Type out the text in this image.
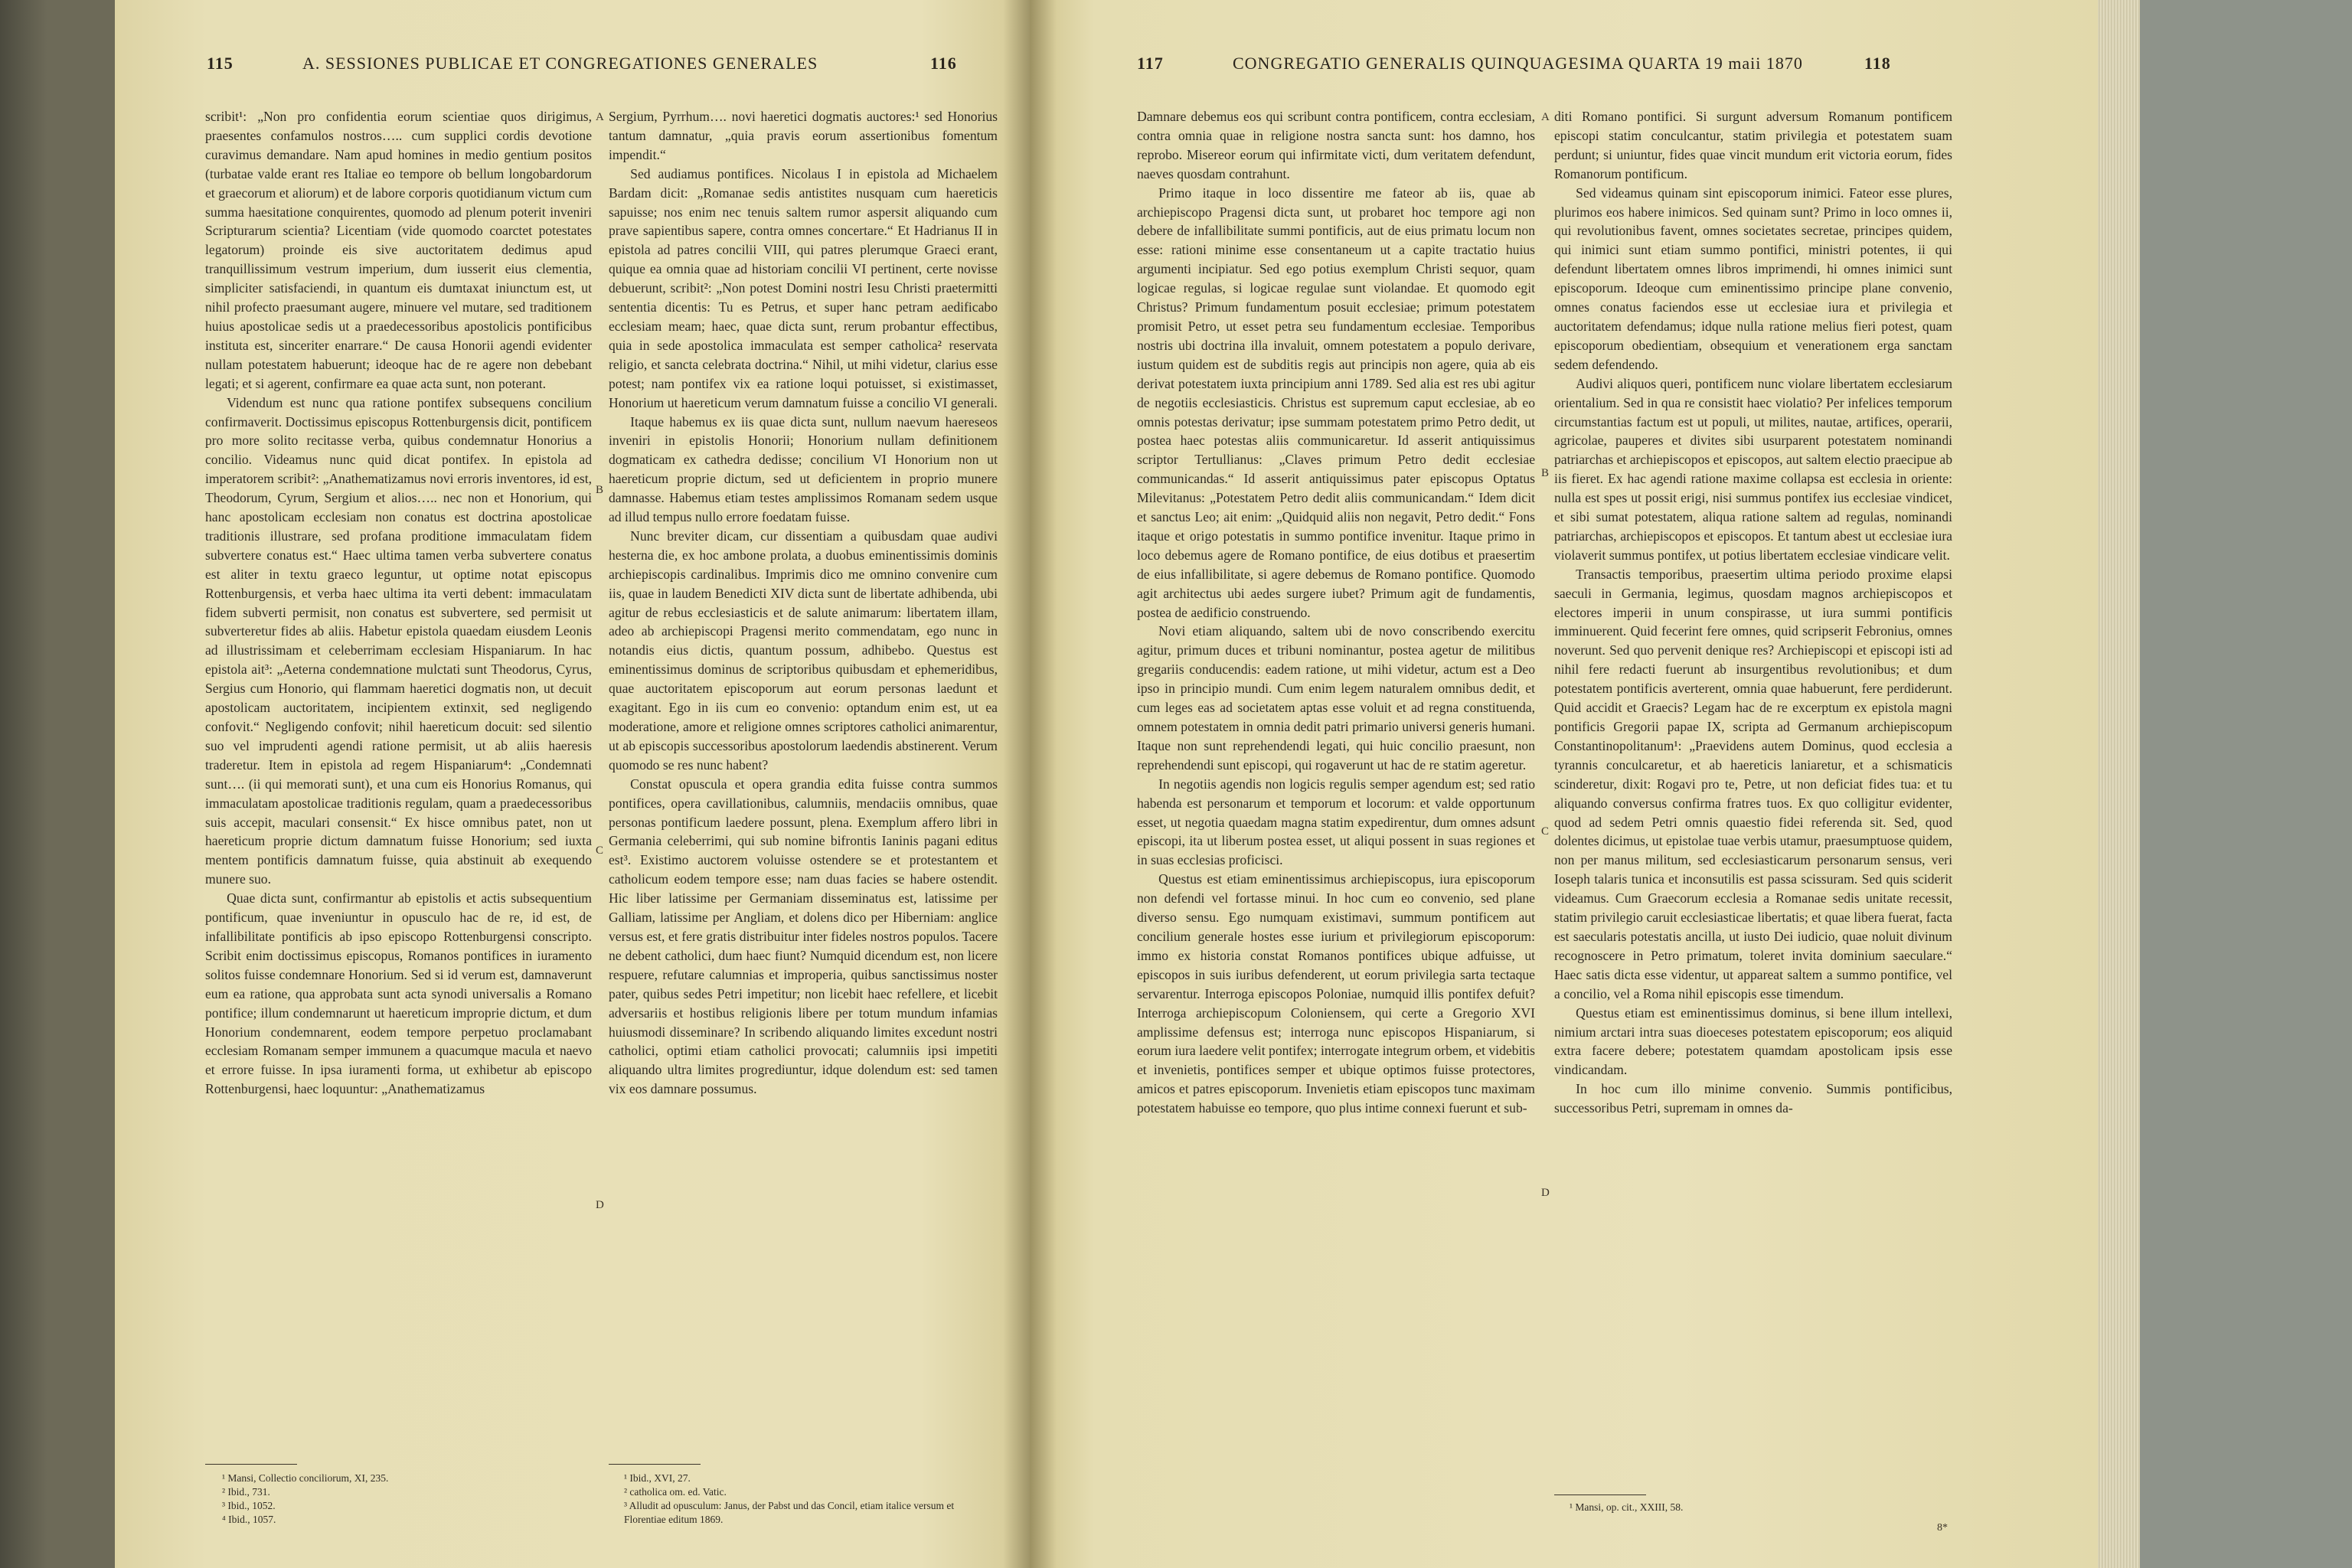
115	A. SESSIONES PUBLICAE ET CONGREGATIONES GENERALES	116

scribit¹: „Non pro confidentia eorum scientiae quos dirigimus, praesentes confamulos nostros….. cum supplici cordis devotione curavimus demandare. Nam apud homines in medio gentium positos (turbatae valde erant res Italiae eo tempore ob bellum longobardorum et graecorum et aliorum) et de labore corporis quotidianum victum cum summa haesitatione conquirentes, quomodo ad plenum poterit inveniri Scripturarum scientia? Licentiam (vide quomodo coarctet potestates legatorum) proinde eis sive auctoritatem dedimus apud tranquillissimum vestrum imperium, dum iusserit eius clementia, simpliciter satisfaciendi, in quantum eis dumtaxat iniunctum est, ut nihil profecto praesumant augere, minuere vel mutare, sed traditionem huius apostolicae sedis ut a praedecessoribus apostolicis pontificibus instituta est, sinceriter enarrare.“ De causa Honorii agendi evidenter nullam potestatem habuerunt; ideoque hac de re agere non debebant legati; et si agerent, confirmare ea quae acta sunt, non poterant.

Videndum est nunc qua ratione pontifex subsequens concilium confirmaverit. Doctissimus episcopus Rottenburgensis dicit, pontificem pro more solito recitasse verba, quibus condemnatur Honorius a concilio. Videamus nunc quid dicat pontifex. In epistola ad imperatorem scribit²: „Anathematizamus novi erroris inventores, id est, Theodorum, Cyrum, Sergium et alios….. nec non et Honorium, qui hanc apostolicam ecclesiam non conatus est doctrina apostolicae traditionis illustrare, sed profana proditione immaculatam fidem subvertere conatus est.“ Haec ultima tamen verba subvertere conatus est aliter in textu graeco leguntur, ut optime notat episcopus Rottenburgensis, et verba haec ultima ita verti debent: immaculatam fidem subverti permisit, non conatus est subvertere, sed permisit ut subverteretur fides ab aliis. Habetur epistola quaedam eiusdem Leonis ad illustrissimam et celeberrimam ecclesiam Hispaniarum. In hac epistola ait³: „Aeterna condemnatione mulctati sunt Theodorus, Cyrus, Sergius cum Honorio, qui flammam haeretici dogmatis non, ut decuit apostolicam auctoritatem, incipientem extinxit, sed negligendo confovit.“ Negligendo confovit; nihil haereticum docuit: sed silentio suo vel imprudenti agendi ratione permisit, ut ab aliis haeresis traderetur. Item in epistola ad regem Hispaniarum⁴: „Condemnati sunt…. (ii qui memorati sunt), et una cum eis Honorius Romanus, qui immaculatam apostolicae traditionis regulam, quam a praedecessoribus suis accepit, maculari consensit.“ Ex hisce omnibus patet, non ut haereticum proprie dictum damnatum fuisse Honorium; sed iuxta mentem pontificis damnatum fuisse, quia abstinuit ab exequendo munere suo.

Quae dicta sunt, confirmantur ab epistolis et actis subsequentium pontificum, quae inveniuntur in opusculo hac de re, id est, de infallibilitate pontificis ab ipso episcopo Rottenburgensi conscripto. Scribit enim doctissimus episcopus, Romanos pontifices in iuramento solitos fuisse condemnare Honorium. Sed si id verum est, damnaverunt eum ea ratione, qua approbata sunt acta synodi universalis a Romano pontifice; illum condemnarunt ut haereticum improprie dictum, et dum Honorium condemnarent, eodem tempore perpetuo proclamabant ecclesiam Romanam semper immunem a quacumque macula et naevo et errore fuisse. In ipsa iuramenti forma, ut exhibetur ab episcopo Rottenburgensi, haec loquuntur: „Anathematizamus

¹ Mansi, Collectio conciliorum, XI, 235.
² Ibid., 731.
³ Ibid., 1052.
⁴ Ibid., 1057.

Sergium, Pyrrhum…. novi haeretici dogmatis auctores:¹ sed Honorius tantum damnatur, „quia pravis eorum assertionibus fomentum impendit.“

Sed audiamus pontifices. Nicolaus I in epistola ad Michaelem Bardam dicit: „Romanae sedis antistites nusquam cum haereticis sapuisse; nos enim nec tenuis saltem rumor aspersit aliquando cum prave sapientibus sapere, contra omnes concertare.“ Et Hadrianus II in epistola ad patres concilii VIII, qui patres plerumque Graeci erant, quique ea omnia quae ad historiam concilii VI pertinent, certe novisse debuerunt, scribit²: „Non potest Domini nostri Iesu Christi praetermitti sententia dicentis: Tu es Petrus, et super hanc petram aedificabo ecclesiam meam; haec, quae dicta sunt, rerum probantur effectibus, quia in sede apostolica immaculata est semper catholica² reservata religio, et sancta celebrata doctrina.“ Nihil, ut mihi videtur, clarius esse potest; nam pontifex vix ea ratione loqui potuisset, si existimasset, Honorium ut haereticum verum damnatum fuisse a concilio VI generali.

Itaque habemus ex iis quae dicta sunt, nullum naevum haereseos inveniri in epistolis Honorii; Honorium nullam definitionem dogmaticam ex cathedra dedisse; concilium VI Honorium non ut haereticum proprie dictum, sed ut deficientem in proprio munere damnasse. Habemus etiam testes amplissimos Romanam sedem usque ad illud tempus nullo errore foedatam fuisse.

Nunc breviter dicam, cur dissentiam a quibusdam quae audivi hesterna die, ex hoc ambone prolata, a duobus eminentissimis dominis archiepiscopis cardinalibus. Imprimis dico me omnino convenire cum iis, quae in laudem Benedicti XIV dicta sunt de libertate adhibenda, ubi agitur de rebus ecclesiasticis et de salute animarum: libertatem illam, adeo ab archiepiscopi Pragensi merito commendatam, ego nunc in notandis eius dictis, quantum possum, adhibebo. Questus est eminentissimus dominus de scriptoribus quibusdam et ephemeridibus, quae auctoritatem episcoporum aut eorum personas laedunt et exagitant. Ego in iis cum eo convenio: optandum enim est, ut ea moderatione, amore et religione omnes scriptores catholici animarentur, ut ab episcopis successoribus apostolorum laedendis abstinerent. Verum quomodo se res nunc habent?

Constat opuscula et opera grandia edita fuisse contra summos pontifices, opera cavillationibus, calumniis, mendaciis omnibus, quae personas pontificum laedere possunt, plena. Exemplum affero libri in Germania celeberrimi, qui sub nomine bifrontis Ianinis pagani editus est³. Existimo auctorem voluisse ostendere se et protestantem et catholicum eodem tempore esse; nam duas facies se habere ostendit. Hic liber latissime per Germaniam disseminatus est, latissime per Galliam, latissime per Angliam, et dolens dico per Hiberniam: anglice versus est, et fere gratis distribuitur inter fideles nostros populos. Tacere ne debent catholici, dum haec fiunt? Numquid dicendum est, non licere respuere, refutare calumnias et improperia, quibus sanctissimus noster pater, quibus sedes Petri impetitur; non licebit haec refellere, et licebit adversariis et hostibus religionis libere per totum mundum infamias huiusmodi disseminare? In scribendo aliquando limites excedunt nostri catholici, optimi etiam catholici provocati; calumniis ipsi impetiti aliquando ultra limites progrediuntur, idque dolendum est: sed tamen vix eos damnare possumus.

¹ Ibid., XVI, 27.
² catholica om. ed. Vatic.
³ Alludit ad opusculum: Janus, der Pabst und das Concil, etiam italice versum et Florentiae editum 1869.
A
B
C
D
117	CONGREGATIO GENERALIS QUINQUAGESIMA QUARTA 19 maii 1870	118

Damnare debemus eos qui scribunt contra pontificem, contra ecclesiam, contra omnia quae in religione nostra sancta sunt: hos damno, hos reprobo. Misereor eorum qui infirmitate victi, dum veritatem defendunt, naeves quosdam contrahunt.

Primo itaque in loco dissentire me fateor ab iis, quae ab archiepiscopo Pragensi dicta sunt, ut probaret hoc tempore agi non debere de infallibilitate summi pontificis, aut de eius primatu locum non esse: rationi minime esse consentaneum ut a capite tractatio huius argumenti incipiatur. Sed ego potius exemplum Christi sequor, quam logicae regulas, si logicae regulae sunt violandae. Et quomodo egit Christus? Primum fundamentum posuit ecclesiae; primum potestatem promisit Petro, ut esset petra seu fundamentum ecclesiae. Temporibus nostris ubi doctrina illa invaluit, omnem potestatem a populo derivare, iustum quidem est de subditis regis aut principis non agere, quia ab eis derivat potestatem iuxta principium anni 1789. Sed alia est res ubi agitur de negotiis ecclesiasticis. Christus est supremum caput ecclesiae, ab eo omnis potestas derivatur; ipse summam potestatem primo Petro dedit, ut postea haec potestas aliis communicaretur. Id asserit antiquissimus scriptor Tertullianus: „Claves primum Petro dedit ecclesiae communicandas.“ Id asserit antiquissimus pater episcopus Optatus Milevitanus: „Potestatem Petro dedit aliis communicandam.“ Idem dicit et sanctus Leo; ait enim: „Quidquid aliis non negavit, Petro dedit.“ Fons itaque et origo potestatis in summo pontifice invenitur. Itaque primo in loco debemus agere de Romano pontifice, de eius dotibus et praesertim de eius infallibilitate, si agere debemus de Romano pontifice. Quomodo agit architectus ubi aedes surgere iubet? Primum agit de fundamentis, postea de aedificio construendo.

Novi etiam aliquando, saltem ubi de novo conscribendo exercitu agitur, primum duces et tribuni nominantur, postea agetur de militibus gregariis conducendis: eadem ratione, ut mihi videtur, actum est a Deo ipso in principio mundi. Cum enim legem naturalem omnibus dedit, et cum leges eas ad societatem aptas esse voluit et ad regna constituenda, omnem potestatem in omnia dedit patri primario universi generis humani. Itaque non sunt reprehendendi legati, qui huic concilio praesunt, non reprehendendi sunt episcopi, qui rogaverunt ut hac de re statim ageretur.

In negotiis agendis non logicis regulis semper agendum est; sed ratio habenda est personarum et temporum et locorum: et valde opportunum esset, ut negotia quaedam magna statim expedirentur, dum omnes adsunt episcopi, ita ut liberum postea esset, ut aliqui possent in suas regiones et in suas ecclesias proficisci.

Questus est etiam eminentissimus archiepiscopus, iura episcoporum non defendi vel fortasse minui. In hoc cum eo convenio, sed plane diverso sensu. Ego numquam existimavi, summum pontificem aut concilium generale hostes esse iurium et privilegiorum episcoporum: immo ex historia constat Romanos pontifices ubique adfuisse, ut episcopos in suis iuribus defenderent, ut eorum privilegia sarta tectaque servarentur. Interroga episcopos Poloniae, numquid illis pontifex defuit? Interroga archiepiscopum Coloniensem, qui certe a Gregorio XVI amplissime defensus est; interroga nunc episcopos Hispaniarum, si eorum iura laedere velit pontifex; interrogate integrum orbem, et videbitis et invenietis, pontifices semper et ubique optimos fuisse protectores, amicos et patres episcoporum. Invenietis etiam episcopos tunc maximam potestatem habuisse eo tempore, quo plus intime connexi fuerunt et sub-

diti Romano pontifici. Si surgunt adversum Romanum pontificem episcopi statim conculcantur, statim privilegia et potestatem suam perdunt; si uniuntur, fides quae vincit mundum erit victoria eorum, fides Romanorum pontificum.

Sed videamus quinam sint episcoporum inimici. Fateor esse plures, plurimos eos habere inimicos. Sed quinam sunt? Primo in loco omnes ii, qui revolutionibus favent, omnes societates secretae, principes quidem, qui inimici sunt etiam summo pontifici, ministri potentes, ii qui defendunt libertatem omnes libros imprimendi, hi omnes inimici sunt episcoporum. Ideoque cum eminentissimo principe plane convenio, omnes conatus faciendos esse ut ecclesiae iura et privilegia et auctoritatem defendamus; idque nulla ratione melius fieri potest, quam episcoporum obedientiam, obsequium et venerationem erga sanctam sedem defendendo.

Audivi aliquos queri, pontificem nunc violare libertatem ecclesiarum orientalium. Sed in qua re consistit haec violatio? Per infelices temporum circumstantias factum est ut populi, ut milites, nautae, artifices, operarii, agricolae, pauperes et divites sibi usurparent potestatem nominandi patriarchas et archiepiscopos et episcopos, aut saltem electio praecipue ab iis fieret. Ex hac agendi ratione maxime collapsa est ecclesia in oriente: nulla est spes ut possit erigi, nisi summus pontifex ius ecclesiae vindicet, et sibi sumat potestatem, aliqua ratione saltem ad regulas, nominandi patriarchas, archiepiscopos et episcopos. Et tantum abest ut ecclesiae iura violaverit summus pontifex, ut potius libertatem ecclesiae vindicare velit.

Transactis temporibus, praesertim ultima periodo proxime elapsi saeculi in Germania, legimus, quosdam magnos archiepiscopos et electores imperii in unum conspirasse, ut iura summi pontificis imminuerent. Quid fecerint fere omnes, quid scripserit Febronius, omnes noverunt. Sed quo pervenit denique res? Archiepiscopi et episcopi isti ad nihil fere redacti fuerunt ab insurgentibus revolutionibus; et dum potestatem pontificis averterent, omnia quae habuerunt, fere perdiderunt. Quid accidit et Graecis? Legam hac de re excerptum ex epistola magni pontificis Gregorii papae IX, scripta ad Germanum archiepiscopum Constantinopolitanum¹: „Praevidens autem Dominus, quod ecclesia a tyrannis conculcaretur, et ab haereticis laniaretur, et a schismaticis scinderetur, dixit: Rogavi pro te, Petre, ut non deficiat fides tua: et tu aliquando conversus confirma fratres tuos. Ex quo colligitur evidenter, quod ad sedem Petri omnis quaestio fidei referenda sit. Sed, quod dolentes dicimus, ut epistolae tuae verbis utamur, praesumptuose quidem, non per manus militum, sed ecclesiasticarum personarum sensus, veri Ioseph talaris tunica et inconsutilis est passa scissuram. Sed quis sciderit videamus. Cum Graecorum ecclesia a Romanae sedis unitate recessit, statim privilegio caruit ecclesiasticae libertatis; et quae libera fuerat, facta est saecularis potestatis ancilla, ut iusto Dei iudicio, quae noluit divinum recognoscere in Petro primatum, toleret invita dominium saeculare.“ Haec satis dicta esse videntur, ut appareat saltem a summo pontifice, vel a concilio, vel a Roma nihil episcopis esse timendum.

Questus etiam est eminentissimus dominus, si bene illum intellexi, nimium arctari intra suas dioeceses potestatem episcoporum; eos aliquid extra facere debere; potestatem quamdam apostolicam ipsis esse vindicandam.

In hoc cum illo minime convenio. Summis pontificibus, successoribus Petri, supremam in omnes da-

¹ Mansi, op. cit., XXIII, 58.
8*
A
B
C
D
